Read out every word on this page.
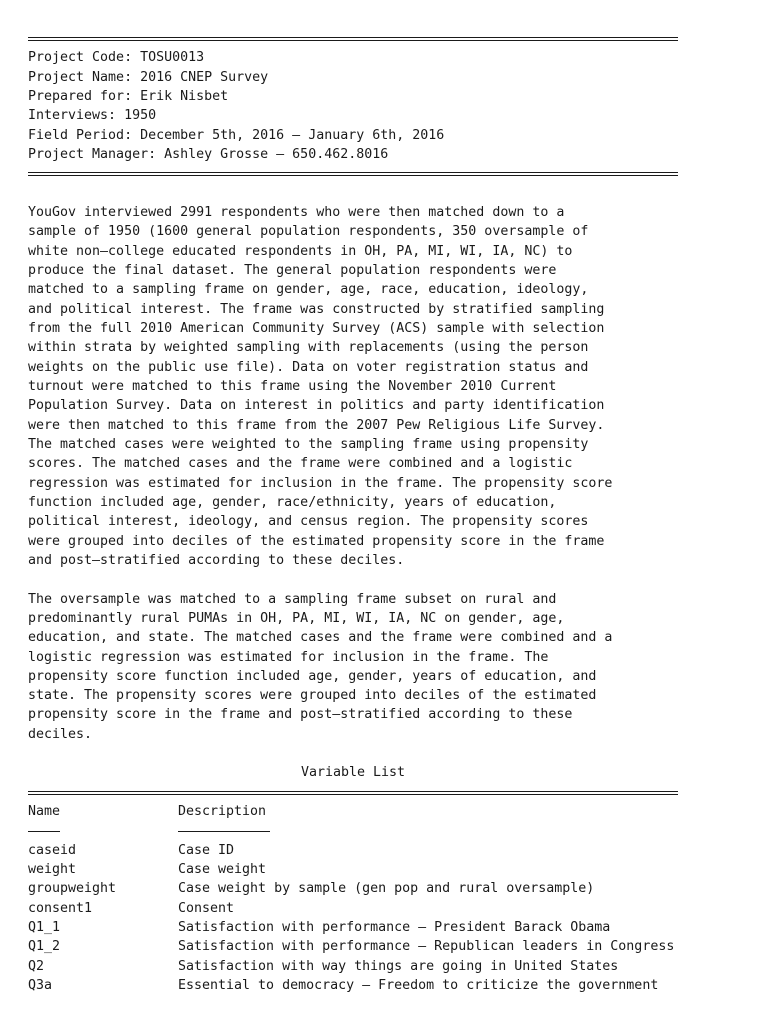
Project Code: TOSU0013
Project Name: 2016 CNEP Survey
Prepared for: Erik Nisbet
Interviews: 1950
Field Period: December 5th, 2016 – January 6th, 2016
Project Manager: Ashley Grosse – 650.462.8016
YouGov interviewed 2991 respondents who were then matched down to a
sample of 1950 (1600 general population respondents, 350 oversample of
white non–college educated respondents in OH, PA, MI, WI, IA, NC) to
produce the final dataset. The general population respondents were
matched to a sampling frame on gender, age, race, education, ideology,
and political interest. The frame was constructed by stratified sampling
from the full 2010 American Community Survey (ACS) sample with selection
within strata by weighted sampling with replacements (using the person
weights on the public use file). Data on voter registration status and
turnout were matched to this frame using the November 2010 Current
Population Survey. Data on interest in politics and party identification
were then matched to this frame from the 2007 Pew Religious Life Survey.
The matched cases were weighted to the sampling frame using propensity
scores. The matched cases and the frame were combined and a logistic
regression was estimated for inclusion in the frame. The propensity score
function included age, gender, race/ethnicity, years of education,
political interest, ideology, and census region. The propensity scores
were grouped into deciles of the estimated propensity score in the frame
and post–stratified according to these deciles.
The oversample was matched to a sampling frame subset on rural and
predominantly rural PUMAs in OH, PA, MI, WI, IA, NC on gender, age,
education, and state. The matched cases and the frame were combined and a
logistic regression was estimated for inclusion in the frame. The
propensity score function included age, gender, years of education, and
state. The propensity scores were grouped into deciles of the estimated
propensity score in the frame and post–stratified according to these
deciles.
Variable List
Name	Description
caseid	Case ID
weight	Case weight
groupweight	Case weight by sample (gen pop and rural oversample)
consent1	Consent
Q1_1	Satisfaction with performance – President Barack Obama
Q1_2	Satisfaction with performance – Republican leaders in Congress
Q2	Satisfaction with way things are going in United States
Q3a	Essential to democracy – Freedom to criticize the government
